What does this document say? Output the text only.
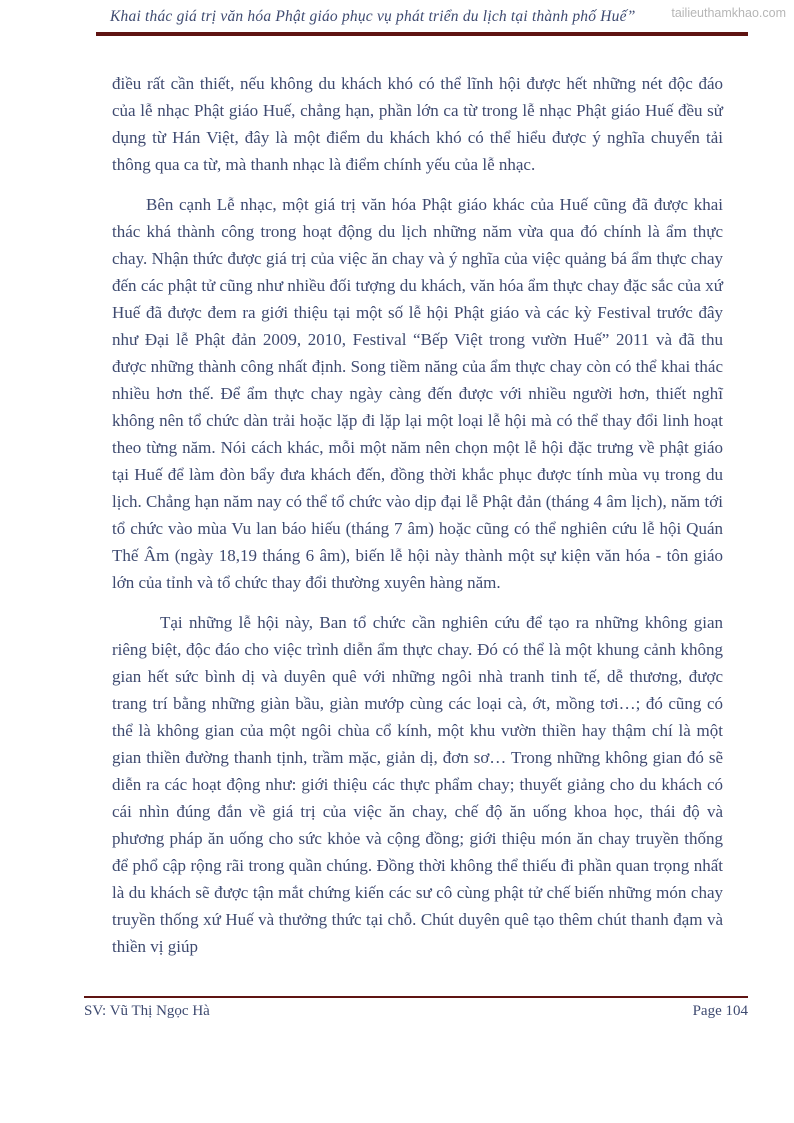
Khai thác giá trị văn hóa Phật giáo phục vụ phát triển du lịch tại thành phố Huế”	tailieuthamkhao.com

điều rất cần thiết, nếu không du khách khó có thể lĩnh hội được hết những nét độc đáo của lễ nhạc Phật giáo Huế, chẳng hạn, phần lớn ca từ trong lễ nhạc Phật giáo Huế đều sử dụng từ Hán Việt, đây là một điểm du khách khó có thể hiểu được ý nghĩa chuyển tải thông qua ca từ, mà thanh nhạc là điểm chính yếu của lễ nhạc.

Bên cạnh Lễ nhạc, một giá trị văn hóa Phật giáo khác của Huế cũng đã được khai thác khá thành công trong hoạt động du lịch những năm vừa qua đó chính là ẩm thực chay. Nhận thức được giá trị của việc ăn chay và ý nghĩa của việc quảng bá ẩm thực chay đến các phật tử cũng như nhiều đối tượng du khách, văn hóa ẩm thực chay đặc sắc của xứ Huế đã được đem ra giới thiệu tại một số lễ hội Phật giáo và các kỳ Festival trước đây như Đại lễ Phật đản 2009, 2010, Festival “Bếp Việt trong vườn Huế” 2011 và đã thu được những thành công nhất định. Song tiềm năng của ẩm thực chay còn có thể khai thác nhiều hơn thế. Để ẩm thực chay ngày càng đến được với nhiều người hơn, thiết nghĩ không nên tổ chức dàn trải hoặc lặp đi lặp lại một loại lễ hội mà có thể thay đổi linh hoạt theo từng năm. Nói cách khác, mỗi một năm nên chọn một lễ hội đặc trưng về phật giáo tại Huế để làm đòn bẩy đưa khách đến, đồng thời khắc phục được tính mùa vụ trong du lịch. Chẳng hạn năm nay có thể tổ chức vào dịp đại lễ Phật đản (tháng 4 âm lịch), năm tới tổ chức vào mùa Vu lan báo hiếu (tháng 7 âm) hoặc cũng có thể nghiên cứu lễ hội Quán Thế Âm (ngày 18,19 tháng 6 âm), biến lễ hội này thành một sự kiện văn hóa - tôn giáo lớn của tỉnh và tổ chức thay đổi thường xuyên hàng năm.

Tại những lễ hội này, Ban tổ chức cần nghiên cứu để tạo ra những không gian riêng biệt, độc đáo cho việc trình diễn ẩm thực chay. Đó có thể là một khung cảnh không gian hết sức bình dị và duyên quê với những ngôi nhà tranh tinh tế, dễ thương, được trang trí bằng những giàn bầu, giàn mướp cùng các loại cà, ớt, mồng tơi…; đó cũng có thể là không gian của một ngôi chùa cổ kính, một khu vườn thiền hay thậm chí là một gian thiền đường thanh tịnh, trầm mặc, giản dị, đơn sơ… Trong những không gian đó sẽ diễn ra các hoạt động như: giới thiệu các thực phẩm chay; thuyết giảng cho du khách có cái nhìn đúng đắn về giá trị của việc ăn chay, chế độ ăn uống khoa học, thái độ và phương pháp ăn uống cho sức khỏe và cộng đồng; giới thiệu món ăn chay truyền thống để phổ cập rộng rãi trong quần chúng. Đồng thời không thể thiếu đi phần quan trọng nhất là du khách sẽ được tận mắt chứng kiến các sư cô cùng phật tử chế biến những món chay truyền thống xứ Huế và thưởng thức tại chỗ. Chút duyên quê tạo thêm chút thanh đạm và thiền vị giúp

SV: Vũ Thị Ngọc Hà	Page 104
